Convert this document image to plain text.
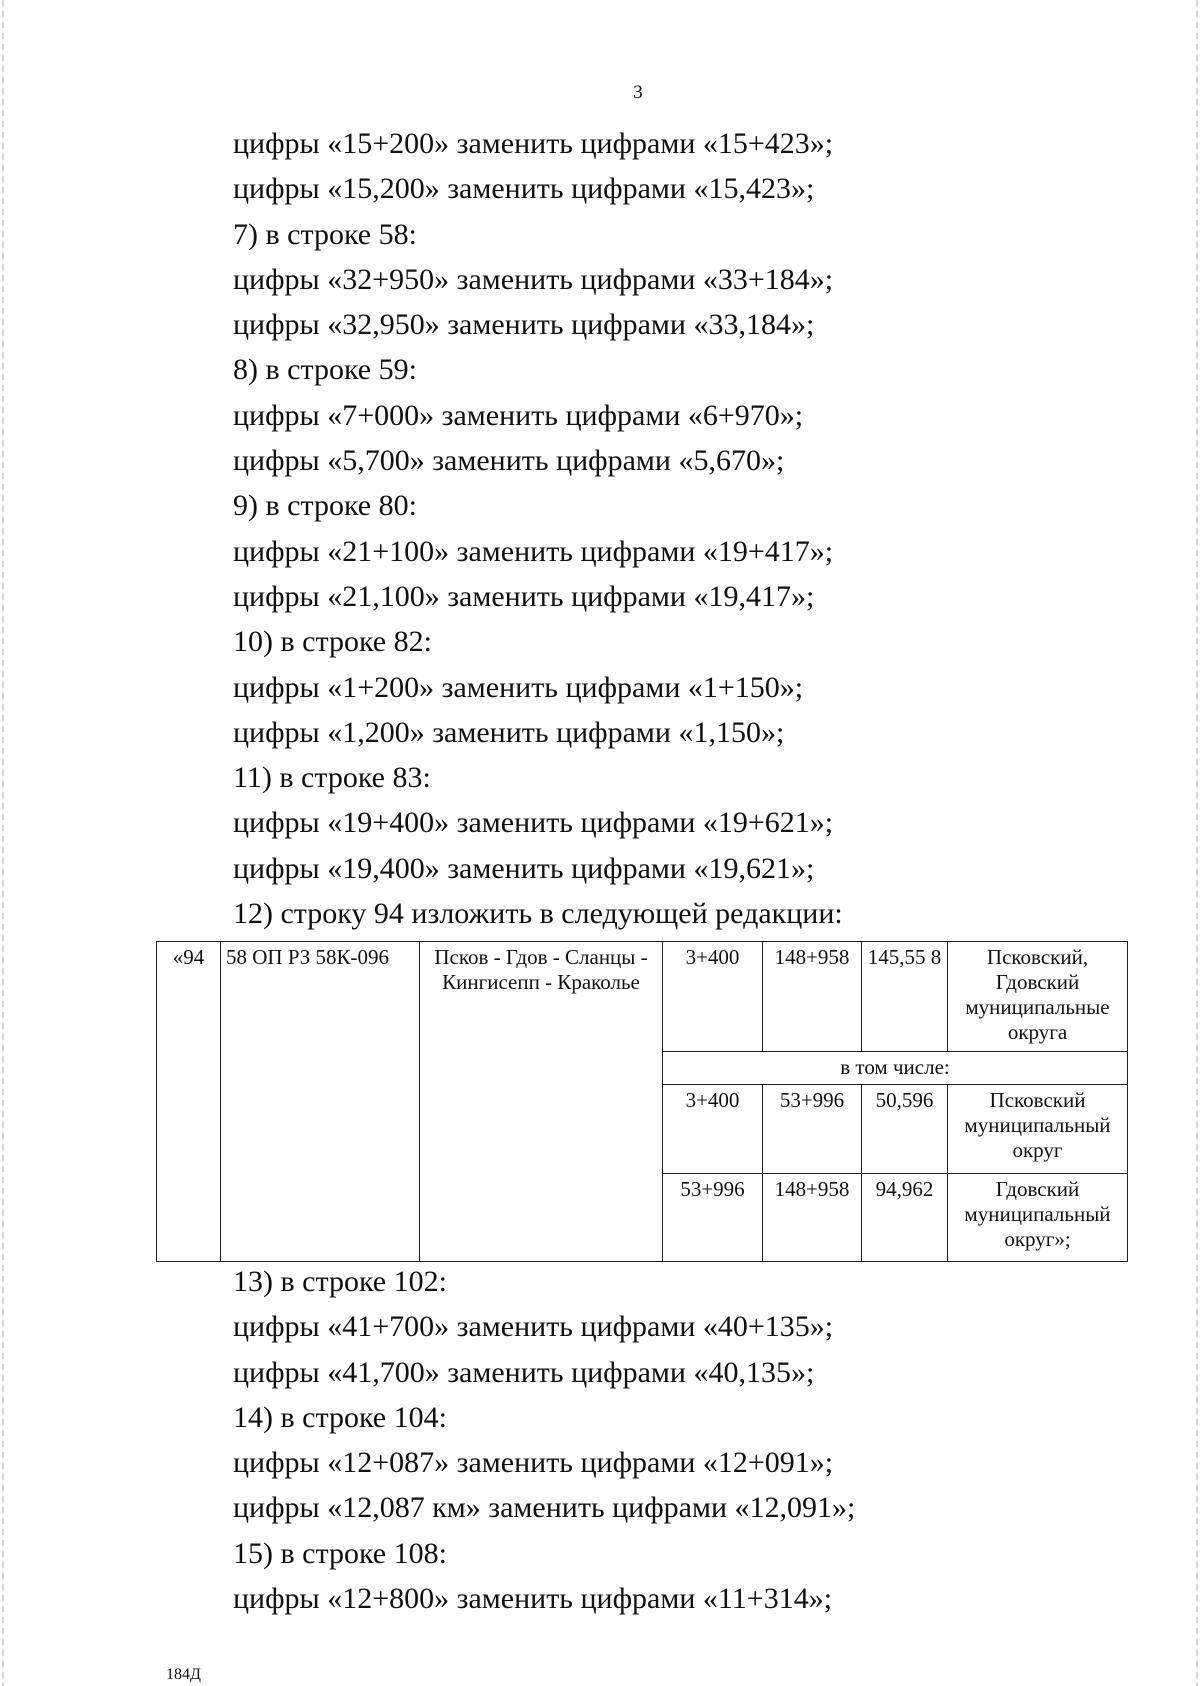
3
цифры «15+200» заменить цифрами «15+423»;
цифры «15,200» заменить цифрами «15,423»;
7) в строке 58:
цифры «32+950» заменить цифрами «33+184»;
цифры «32,950» заменить цифрами «33,184»;
8) в строке 59:
цифры «7+000» заменить цифрами «6+970»;
цифры «5,700» заменить цифрами «5,670»;
9) в строке 80:
цифры «21+100» заменить цифрами «19+417»;
цифры «21,100» заменить цифрами «19,417»;
10) в строке 82:
цифры «1+200» заменить цифрами «1+150»;
цифры «1,200» заменить цифрами «1,150»;
11) в строке 83:
цифры «19+400» заменить цифрами «19+621»;
цифры «19,400» заменить цифрами «19,621»;
12) строку 94 изложить в следующей редакции:
«94	58 ОП РЗ 58К-096	Псков - Гдов - Сланцы - Кингисепп - Краколье	3+400	148+958	145,55 8	Псковский, Гдовский муниципальные округа
			в том числе:			
			3+400	53+996	50,596	Псковский муниципальный округ
			53+996	148+958	94,962	Гдовский муниципальный округ»;
13) в строке 102:
цифры «41+700» заменить цифрами «40+135»;
цифры «41,700» заменить цифрами «40,135»;
14) в строке 104:
цифры «12+087» заменить цифрами «12+091»;
цифры «12,087 км» заменить цифрами «12,091»;
15) в строке 108:
цифры «12+800» заменить цифрами «11+314»;
184Д
